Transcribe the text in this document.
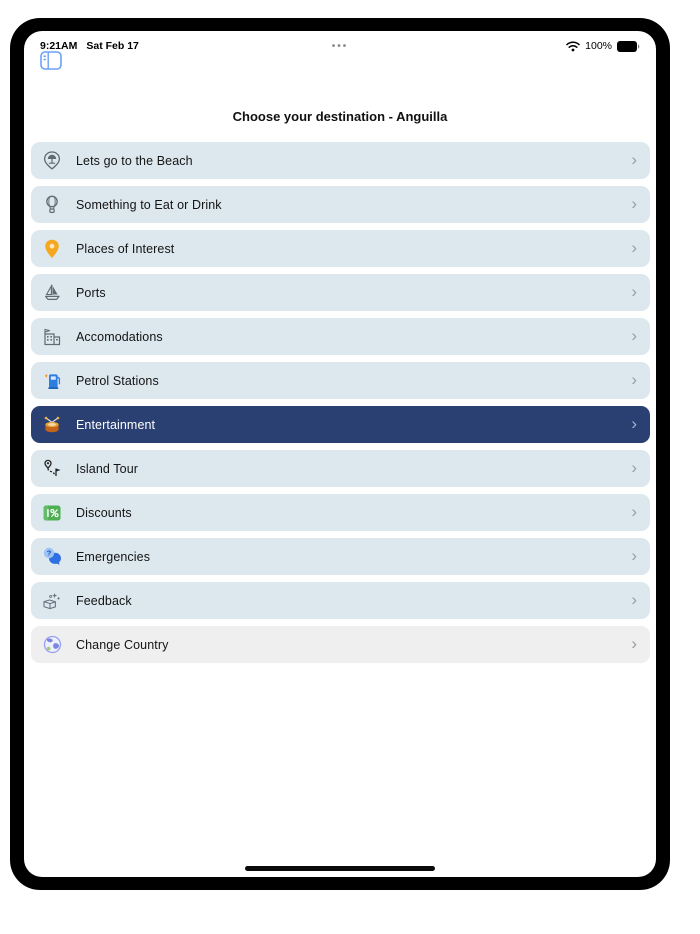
9:21AM Sat Feb 17	•••	100%
Choose your destination - Anguilla
Lets go to the Beach	›
Something to Eat or Drink	›
Places of Interest	›
Ports	›
Accomodations	›
Petrol Stations	›
Entertainment	›
Island Tour	›
Discounts	›
? Emergencies	›
Feedback	›
Change Country	›
